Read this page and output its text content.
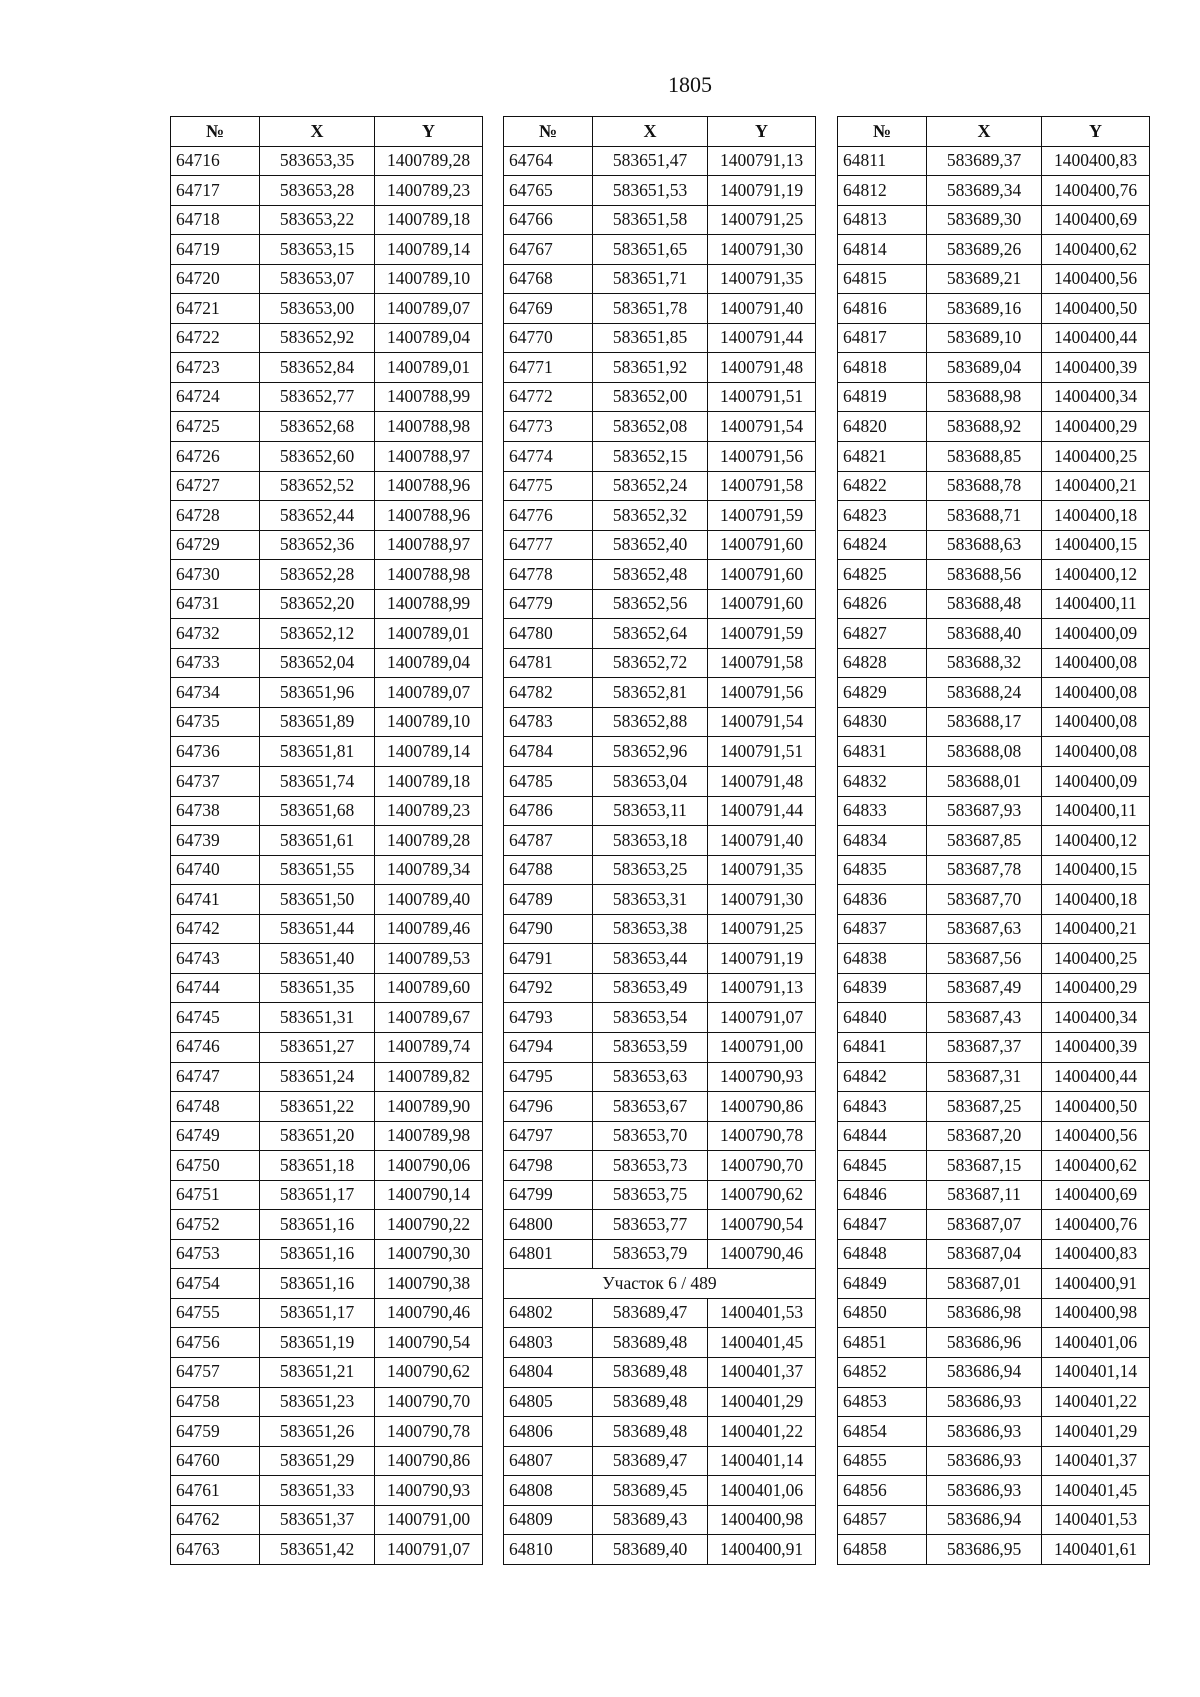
1805
№	X	Y
64716	583653,35	1400789,28
64717	583653,28	1400789,23
64718	583653,22	1400789,18
64719	583653,15	1400789,14
64720	583653,07	1400789,10
64721	583653,00	1400789,07
64722	583652,92	1400789,04
64723	583652,84	1400789,01
64724	583652,77	1400788,99
64725	583652,68	1400788,98
64726	583652,60	1400788,97
64727	583652,52	1400788,96
64728	583652,44	1400788,96
64729	583652,36	1400788,97
64730	583652,28	1400788,98
64731	583652,20	1400788,99
64732	583652,12	1400789,01
64733	583652,04	1400789,04
64734	583651,96	1400789,07
64735	583651,89	1400789,10
64736	583651,81	1400789,14
64737	583651,74	1400789,18
64738	583651,68	1400789,23
64739	583651,61	1400789,28
64740	583651,55	1400789,34
64741	583651,50	1400789,40
64742	583651,44	1400789,46
64743	583651,40	1400789,53
64744	583651,35	1400789,60
64745	583651,31	1400789,67
64746	583651,27	1400789,74
64747	583651,24	1400789,82
64748	583651,22	1400789,90
64749	583651,20	1400789,98
64750	583651,18	1400790,06
64751	583651,17	1400790,14
64752	583651,16	1400790,22
64753	583651,16	1400790,30
64754	583651,16	1400790,38
64755	583651,17	1400790,46
64756	583651,19	1400790,54
64757	583651,21	1400790,62
64758	583651,23	1400790,70
64759	583651,26	1400790,78
64760	583651,29	1400790,86
64761	583651,33	1400790,93
64762	583651,37	1400791,00
64763	583651,42	1400791,07
№	X	Y
64764	583651,47	1400791,13
64765	583651,53	1400791,19
64766	583651,58	1400791,25
64767	583651,65	1400791,30
64768	583651,71	1400791,35
64769	583651,78	1400791,40
64770	583651,85	1400791,44
64771	583651,92	1400791,48
64772	583652,00	1400791,51
64773	583652,08	1400791,54
64774	583652,15	1400791,56
64775	583652,24	1400791,58
64776	583652,32	1400791,59
64777	583652,40	1400791,60
64778	583652,48	1400791,60
64779	583652,56	1400791,60
64780	583652,64	1400791,59
64781	583652,72	1400791,58
64782	583652,81	1400791,56
64783	583652,88	1400791,54
64784	583652,96	1400791,51
64785	583653,04	1400791,48
64786	583653,11	1400791,44
64787	583653,18	1400791,40
64788	583653,25	1400791,35
64789	583653,31	1400791,30
64790	583653,38	1400791,25
64791	583653,44	1400791,19
64792	583653,49	1400791,13
64793	583653,54	1400791,07
64794	583653,59	1400791,00
64795	583653,63	1400790,93
64796	583653,67	1400790,86
64797	583653,70	1400790,78
64798	583653,73	1400790,70
64799	583653,75	1400790,62
64800	583653,77	1400790,54
64801	583653,79	1400790,46
Участок 6 / 489		
64802	583689,47	1400401,53
64803	583689,48	1400401,45
64804	583689,48	1400401,37
64805	583689,48	1400401,29
64806	583689,48	1400401,22
64807	583689,47	1400401,14
64808	583689,45	1400401,06
64809	583689,43	1400400,98
64810	583689,40	1400400,91
№	X	Y
64811	583689,37	1400400,83
64812	583689,34	1400400,76
64813	583689,30	1400400,69
64814	583689,26	1400400,62
64815	583689,21	1400400,56
64816	583689,16	1400400,50
64817	583689,10	1400400,44
64818	583689,04	1400400,39
64819	583688,98	1400400,34
64820	583688,92	1400400,29
64821	583688,85	1400400,25
64822	583688,78	1400400,21
64823	583688,71	1400400,18
64824	583688,63	1400400,15
64825	583688,56	1400400,12
64826	583688,48	1400400,11
64827	583688,40	1400400,09
64828	583688,32	1400400,08
64829	583688,24	1400400,08
64830	583688,17	1400400,08
64831	583688,08	1400400,08
64832	583688,01	1400400,09
64833	583687,93	1400400,11
64834	583687,85	1400400,12
64835	583687,78	1400400,15
64836	583687,70	1400400,18
64837	583687,63	1400400,21
64838	583687,56	1400400,25
64839	583687,49	1400400,29
64840	583687,43	1400400,34
64841	583687,37	1400400,39
64842	583687,31	1400400,44
64843	583687,25	1400400,50
64844	583687,20	1400400,56
64845	583687,15	1400400,62
64846	583687,11	1400400,69
64847	583687,07	1400400,76
64848	583687,04	1400400,83
64849	583687,01	1400400,91
64850	583686,98	1400400,98
64851	583686,96	1400401,06
64852	583686,94	1400401,14
64853	583686,93	1400401,22
64854	583686,93	1400401,29
64855	583686,93	1400401,37
64856	583686,93	1400401,45
64857	583686,94	1400401,53
64858	583686,95	1400401,61
